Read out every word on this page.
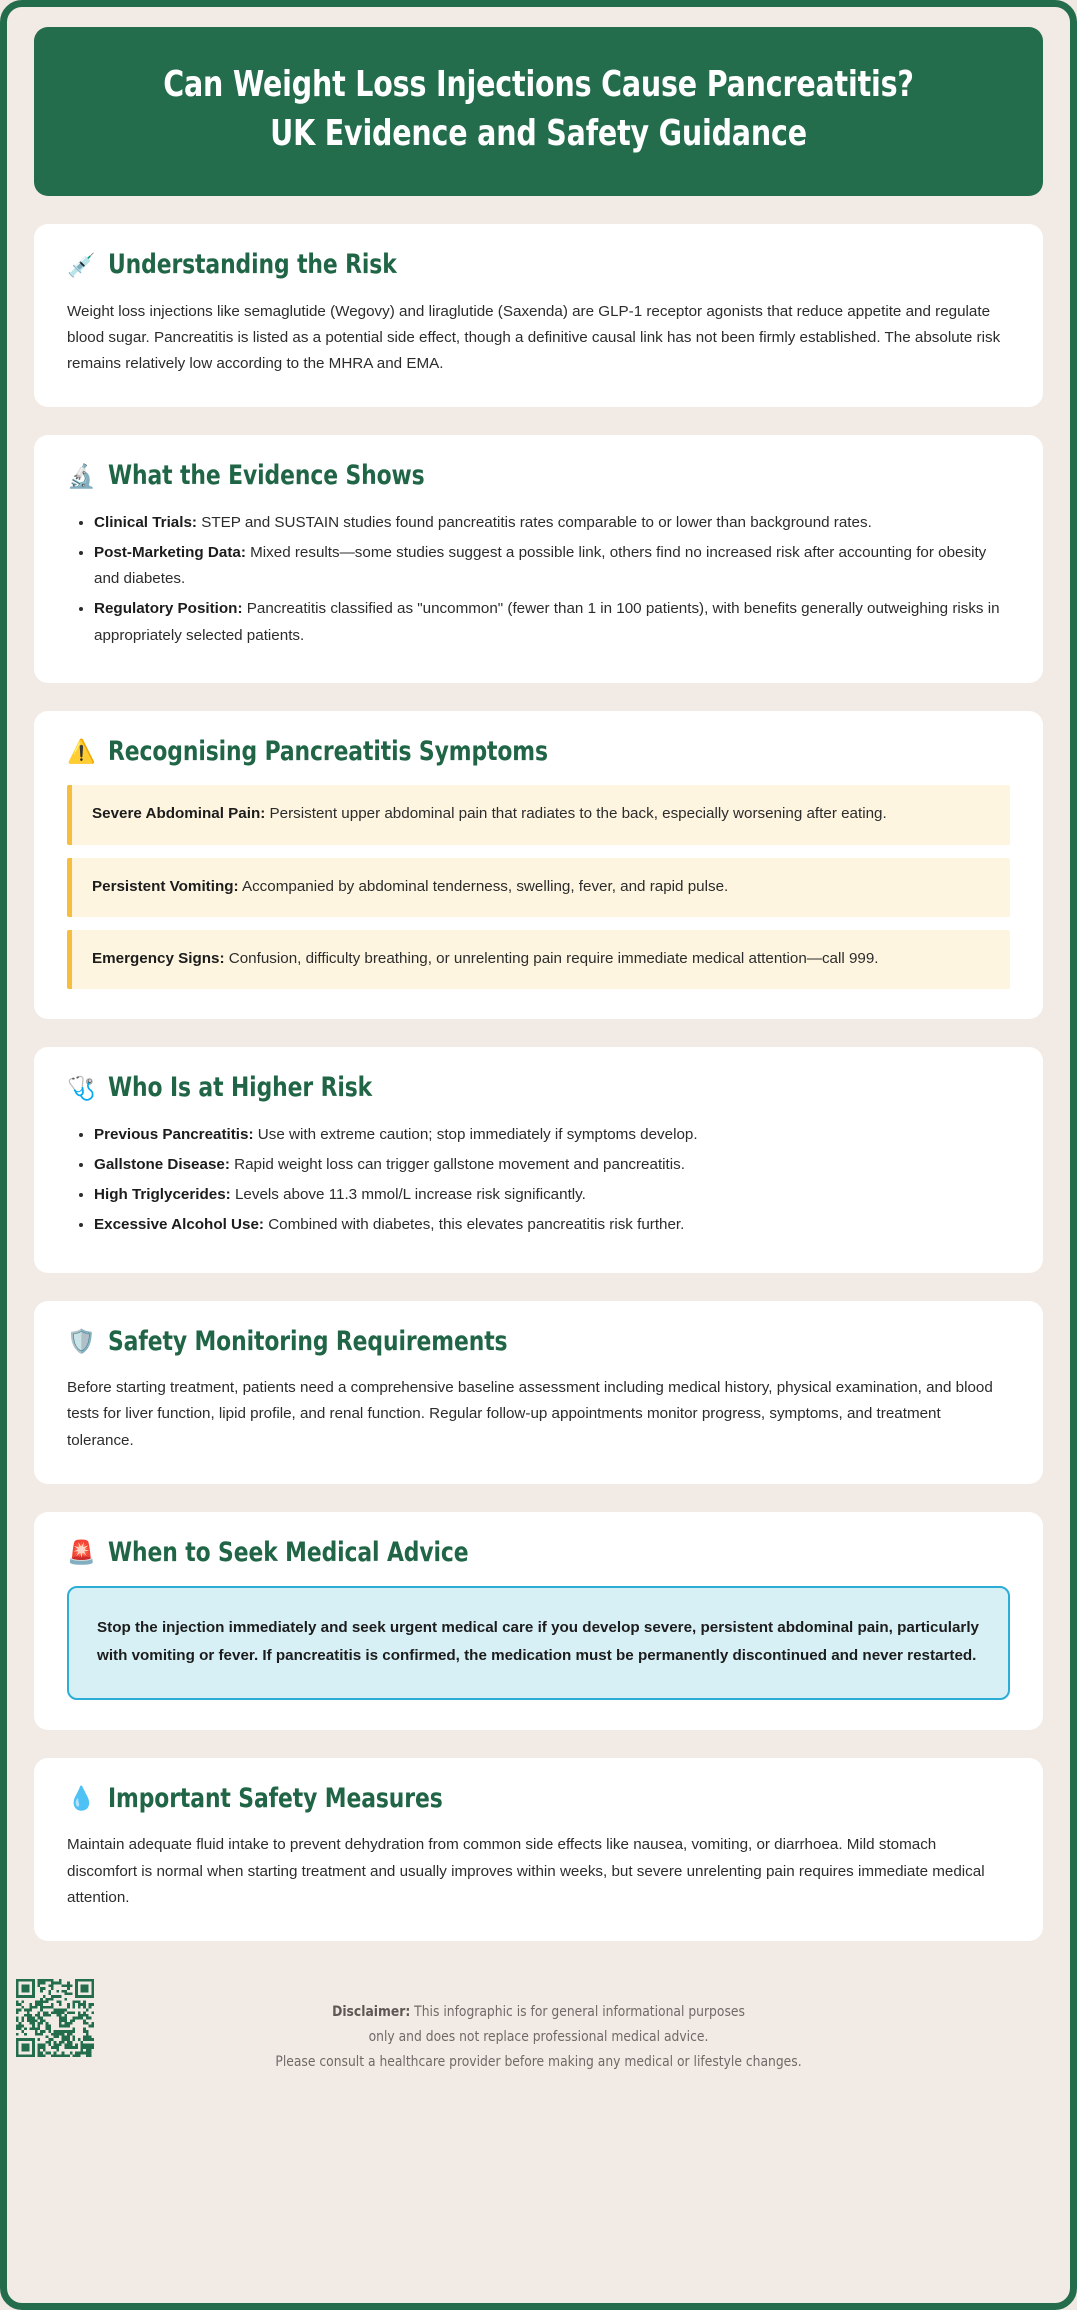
Can Weight Loss Injections Cause Pancreatitis? UK Evidence and Safety Guidance
💉 Understanding the Risk

Weight loss injections like semaglutide (Wegovy) and liraglutide (Saxenda) are GLP-1 receptor agonists that reduce appetite and regulate blood sugar. Pancreatitis is listed as a potential side effect, though a definitive causal link has not been firmly established. The absolute risk remains relatively low according to the MHRA and EMA.

🔬 What the Evidence Shows
• Clinical Trials: STEP and SUSTAIN studies found pancreatitis rates comparable to or lower than background rates.
• Post-Marketing Data: Mixed results—some studies suggest a possible link, others find no increased risk after accounting for obesity and diabetes.
• Regulatory Position: Pancreatitis classified as "uncommon" (fewer than 1 in 100 patients), with benefits generally outweighing risks in appropriately selected patients.
⚠️ Recognising Pancreatitis Symptoms
Severe Abdominal Pain: Persistent upper abdominal pain that radiates to the back, especially worsening after eating.
Persistent Vomiting: Accompanied by abdominal tenderness, swelling, fever, and rapid pulse.
Emergency Signs: Confusion, difficulty breathing, or unrelenting pain require immediate medical attention—call 999.
🩺 Who Is at Higher Risk
• Previous Pancreatitis: Use with extreme caution; stop immediately if symptoms develop.
• Gallstone Disease: Rapid weight loss can trigger gallstone movement and pancreatitis.
• High Triglycerides: Levels above 11.3 mmol/L increase risk significantly.
• Excessive Alcohol Use: Combined with diabetes, this elevates pancreatitis risk further.
🛡️ Safety Monitoring Requirements

Before starting treatment, patients need a comprehensive baseline assessment including medical history, physical examination, and blood tests for liver function, lipid profile, and renal function. Regular follow-up appointments monitor progress, symptoms, and treatment tolerance.

🚨 When to Seek Medical Advice
Stop the injection immediately and seek urgent medical care if you develop severe, persistent abdominal pain, particularly with vomiting or fever. If pancreatitis is confirmed, the medication must be permanently discontinued and never restarted.
💧 Important Safety Measures

Maintain adequate fluid intake to prevent dehydration from common side effects like nausea, vomiting, or diarrhoea. Mild stomach discomfort is normal when starting treatment and usually improves within weeks, but severe unrelenting pain requires immediate medical attention.

Disclaimer: This infographic is for general informational purposes
only and does not replace professional medical advice.
Please consult a healthcare provider before making any medical or lifestyle changes.
